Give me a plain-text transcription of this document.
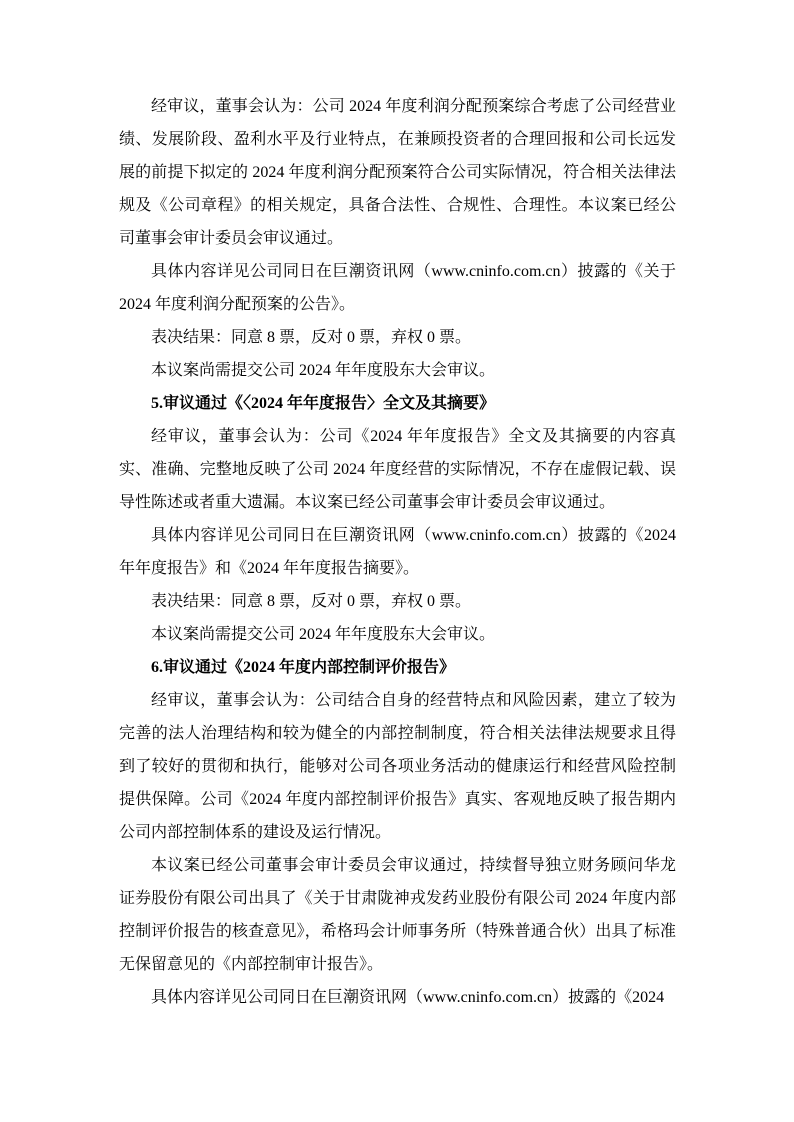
经审议，董事会认为：公司 2024 年度利润分配预案综合考虑了公司经营业绩、发展阶段、盈利水平及行业特点，在兼顾投资者的合理回报和公司长远发展的前提下拟定的 2024 年度利润分配预案符合公司实际情况，符合相关法律法规及《公司章程》的相关规定，具备合法性、合规性、合理性。本议案已经公司董事会审计委员会审议通过。

具体内容详见公司同日在巨潮资讯网（www.cninfo.com.cn）披露的《关于 2024 年度利润分配预案的公告》。

表决结果：同意 8 票，反对 0 票，弃权 0 票。

本议案尚需提交公司 2024 年年度股东大会审议。

5.审议通过《〈2024 年年度报告〉全文及其摘要》

经审议，董事会认为：公司《2024 年年度报告》全文及其摘要的内容真实、准确、完整地反映了公司 2024 年度经营的实际情况，不存在虚假记载、误导性陈述或者重大遗漏。本议案已经公司董事会审计委员会审议通过。

具体内容详见公司同日在巨潮资讯网（www.cninfo.com.cn）披露的《2024 年年度报告》和《2024 年年度报告摘要》。

表决结果：同意 8 票，反对 0 票，弃权 0 票。

本议案尚需提交公司 2024 年年度股东大会审议。

6.审议通过《2024 年度内部控制评价报告》

经审议，董事会认为：公司结合自身的经营特点和风险因素，建立了较为完善的法人治理结构和较为健全的内部控制制度，符合相关法律法规要求且得到了较好的贯彻和执行，能够对公司各项业务活动的健康运行和经营风险控制提供保障。公司《2024 年度内部控制评价报告》真实、客观地反映了报告期内公司内部控制体系的建设及运行情况。

本议案已经公司董事会审计委员会审议通过，持续督导独立财务顾问华龙证券股份有限公司出具了《关于甘肃陇神戎发药业股份有限公司 2024 年度内部控制评价报告的核查意见》，希格玛会计师事务所（特殊普通合伙）出具了标准无保留意见的《内部控制审计报告》。

具体内容详见公司同日在巨潮资讯网（www.cninfo.com.cn）披露的《2024
